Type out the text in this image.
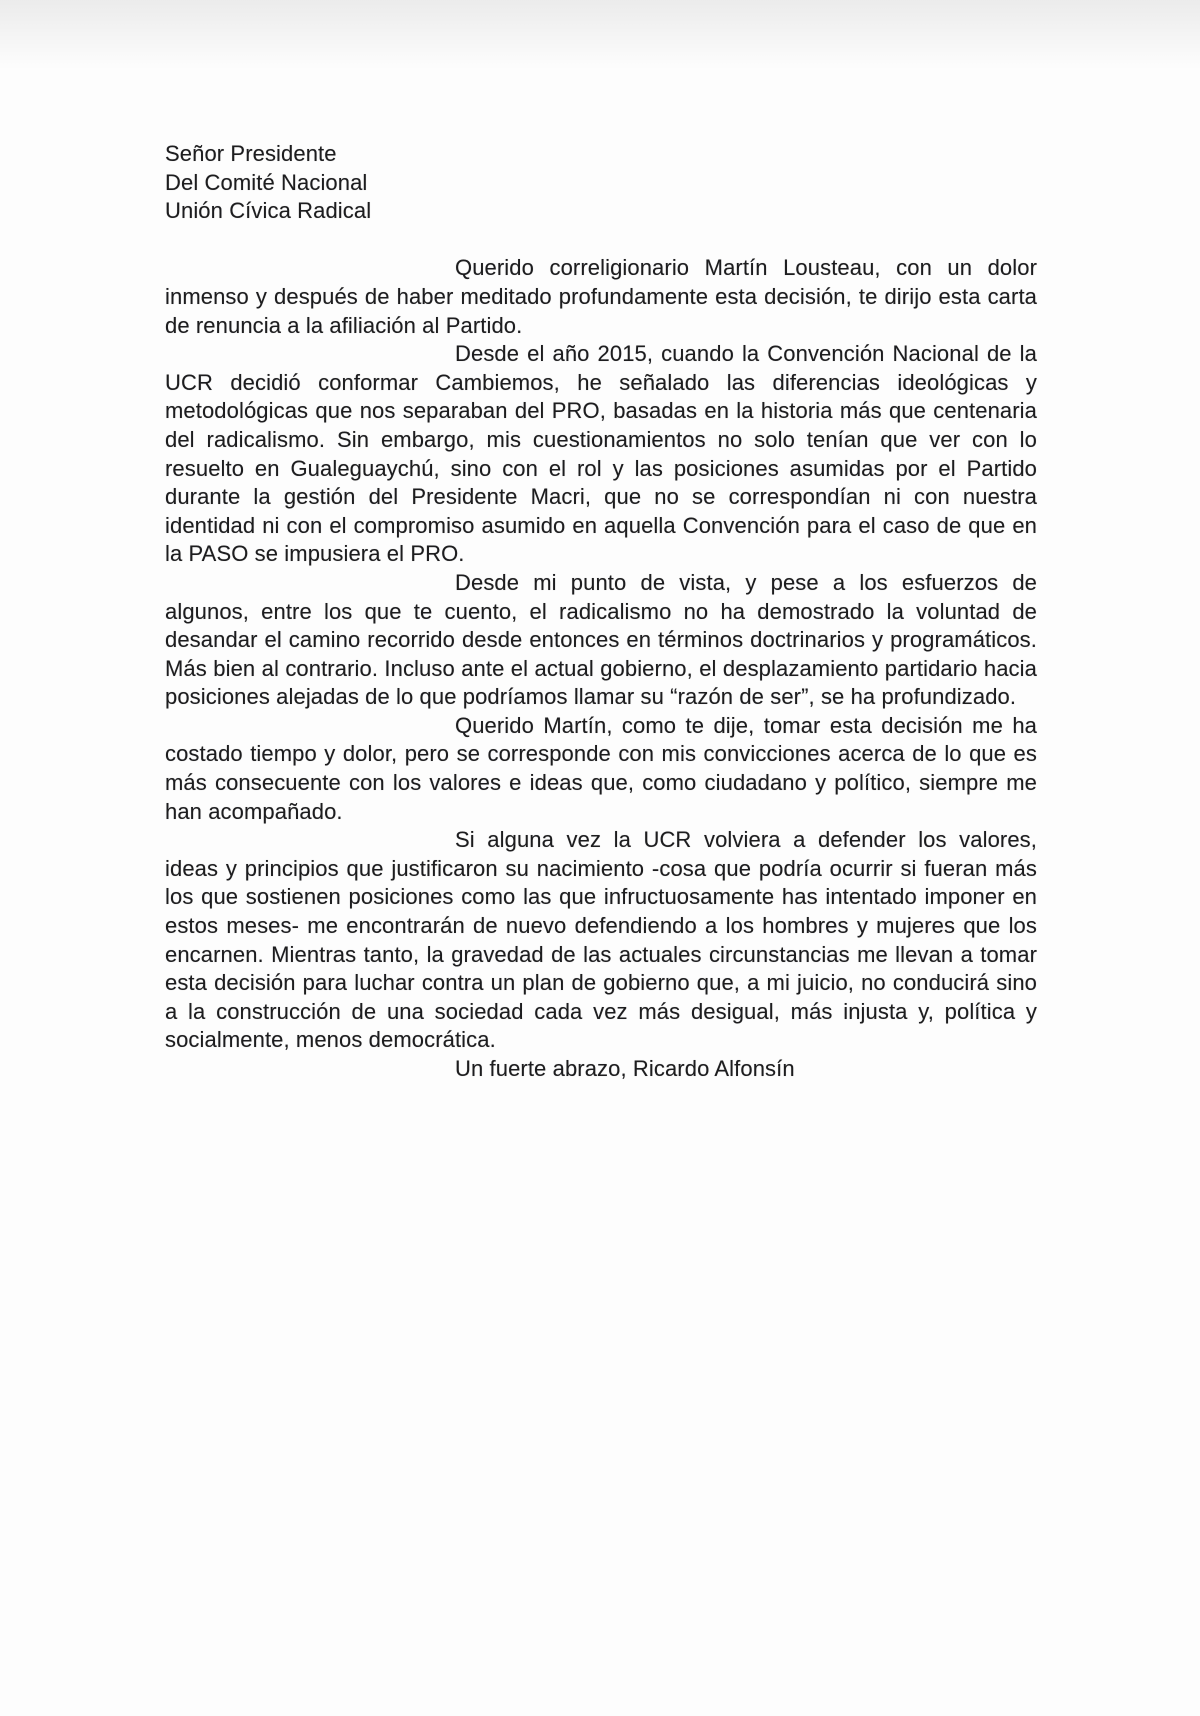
Señor Presidente
Del Comité Nacional
Unión Cívica Radical

Querido correligionario Martín Lousteau, con un dolor inmenso y después de haber meditado profundamente esta decisión, te dirijo esta carta de renuncia a la afiliación al Partido.

Desde el año 2015, cuando la Convención Nacional de la UCR decidió conformar Cambiemos, he señalado las diferencias ideológicas y metodológicas que nos separaban del PRO, basadas en la historia más que centenaria del radicalismo. Sin embargo, mis cuestionamientos no solo tenían que ver con lo resuelto en Gualeguaychú, sino con el rol y las posiciones asumidas por el Partido durante la gestión del Presidente Macri, que no se correspondían ni con nuestra identidad ni con el compromiso asumido en aquella Convención para el caso de que en la PASO se impusiera el PRO.

Desde mi punto de vista, y pese a los esfuerzos de algunos, entre los que te cuento, el radicalismo no ha demostrado la voluntad de desandar el camino recorrido desde entonces en términos doctrinarios y programáticos. Más bien al contrario. Incluso ante el actual gobierno, el desplazamiento partidario hacia posiciones alejadas de lo que podríamos llamar su “razón de ser”, se ha profundizado.

Querido Martín, como te dije, tomar esta decisión me ha costado tiempo y dolor, pero se corresponde con mis convicciones acerca de lo que es más consecuente con los valores e ideas que, como ciudadano y político, siempre me han acompañado.

Si alguna vez la UCR volviera a defender los valores, ideas y principios que justificaron su nacimiento -cosa que podría ocurrir si fueran más los que sostienen posiciones como las que infructuosamente has intentado imponer en estos meses- me encontrarán de nuevo defendiendo a los hombres y mujeres que los encarnen. Mientras tanto, la gravedad de las actuales circunstancias me llevan a tomar esta decisión para luchar contra un plan de gobierno que, a mi juicio, no conducirá sino a la construcción de una sociedad cada vez más desigual, más injusta y, política y socialmente, menos democrática.

Un fuerte abrazo, Ricardo Alfonsín
